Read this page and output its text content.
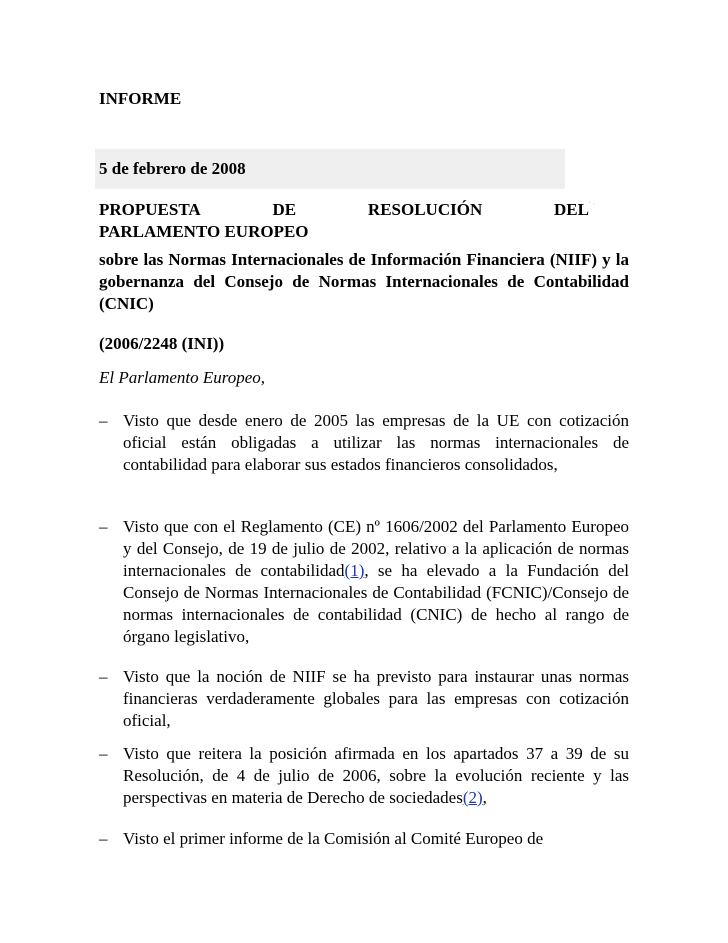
INFORME
5 de febrero de 2008
PROPUESTA	DE	RESOLUCIÓN	DEL ' ·
PARLAMENTO EUROPEO
sobre las Normas Internacionales de Información Financiera (NIIF) y la gobernanza del Consejo de Normas Internacionales de Contabilidad (CNIC)
(2006/2248 (INI))
El Parlamento Europeo,
– Visto que desde enero de 2005 las empresas de la UE con cotización oficial están obligadas a utilizar las normas internacionales de contabilidad para elaborar sus estados financieros consolidados,
– Visto que con el Reglamento (CE) nº 1606/2002 del Parlamento Europeo y del Consejo, de 19 de julio de 2002, relativo a la aplicación de normas internacionales de contabilidad(1), se ha elevado a la Fundación del Consejo de Normas Internacionales de Contabilidad (FCNIC)/Consejo de normas internacionales de contabilidad (CNIC) de hecho al rango de órgano legislativo,
– Visto que la noción de NIIF se ha previsto para instaurar unas normas financieras verdaderamente globales para las empresas con cotización oficial,
– Visto que reitera la posición afirmada en los apartados 37 a 39 de su Resolución, de 4 de julio de 2006, sobre la evolución reciente y las perspectivas en materia de Derecho de sociedades(2),
– Visto el primer informe de la Comisión al Comité Europeo de
